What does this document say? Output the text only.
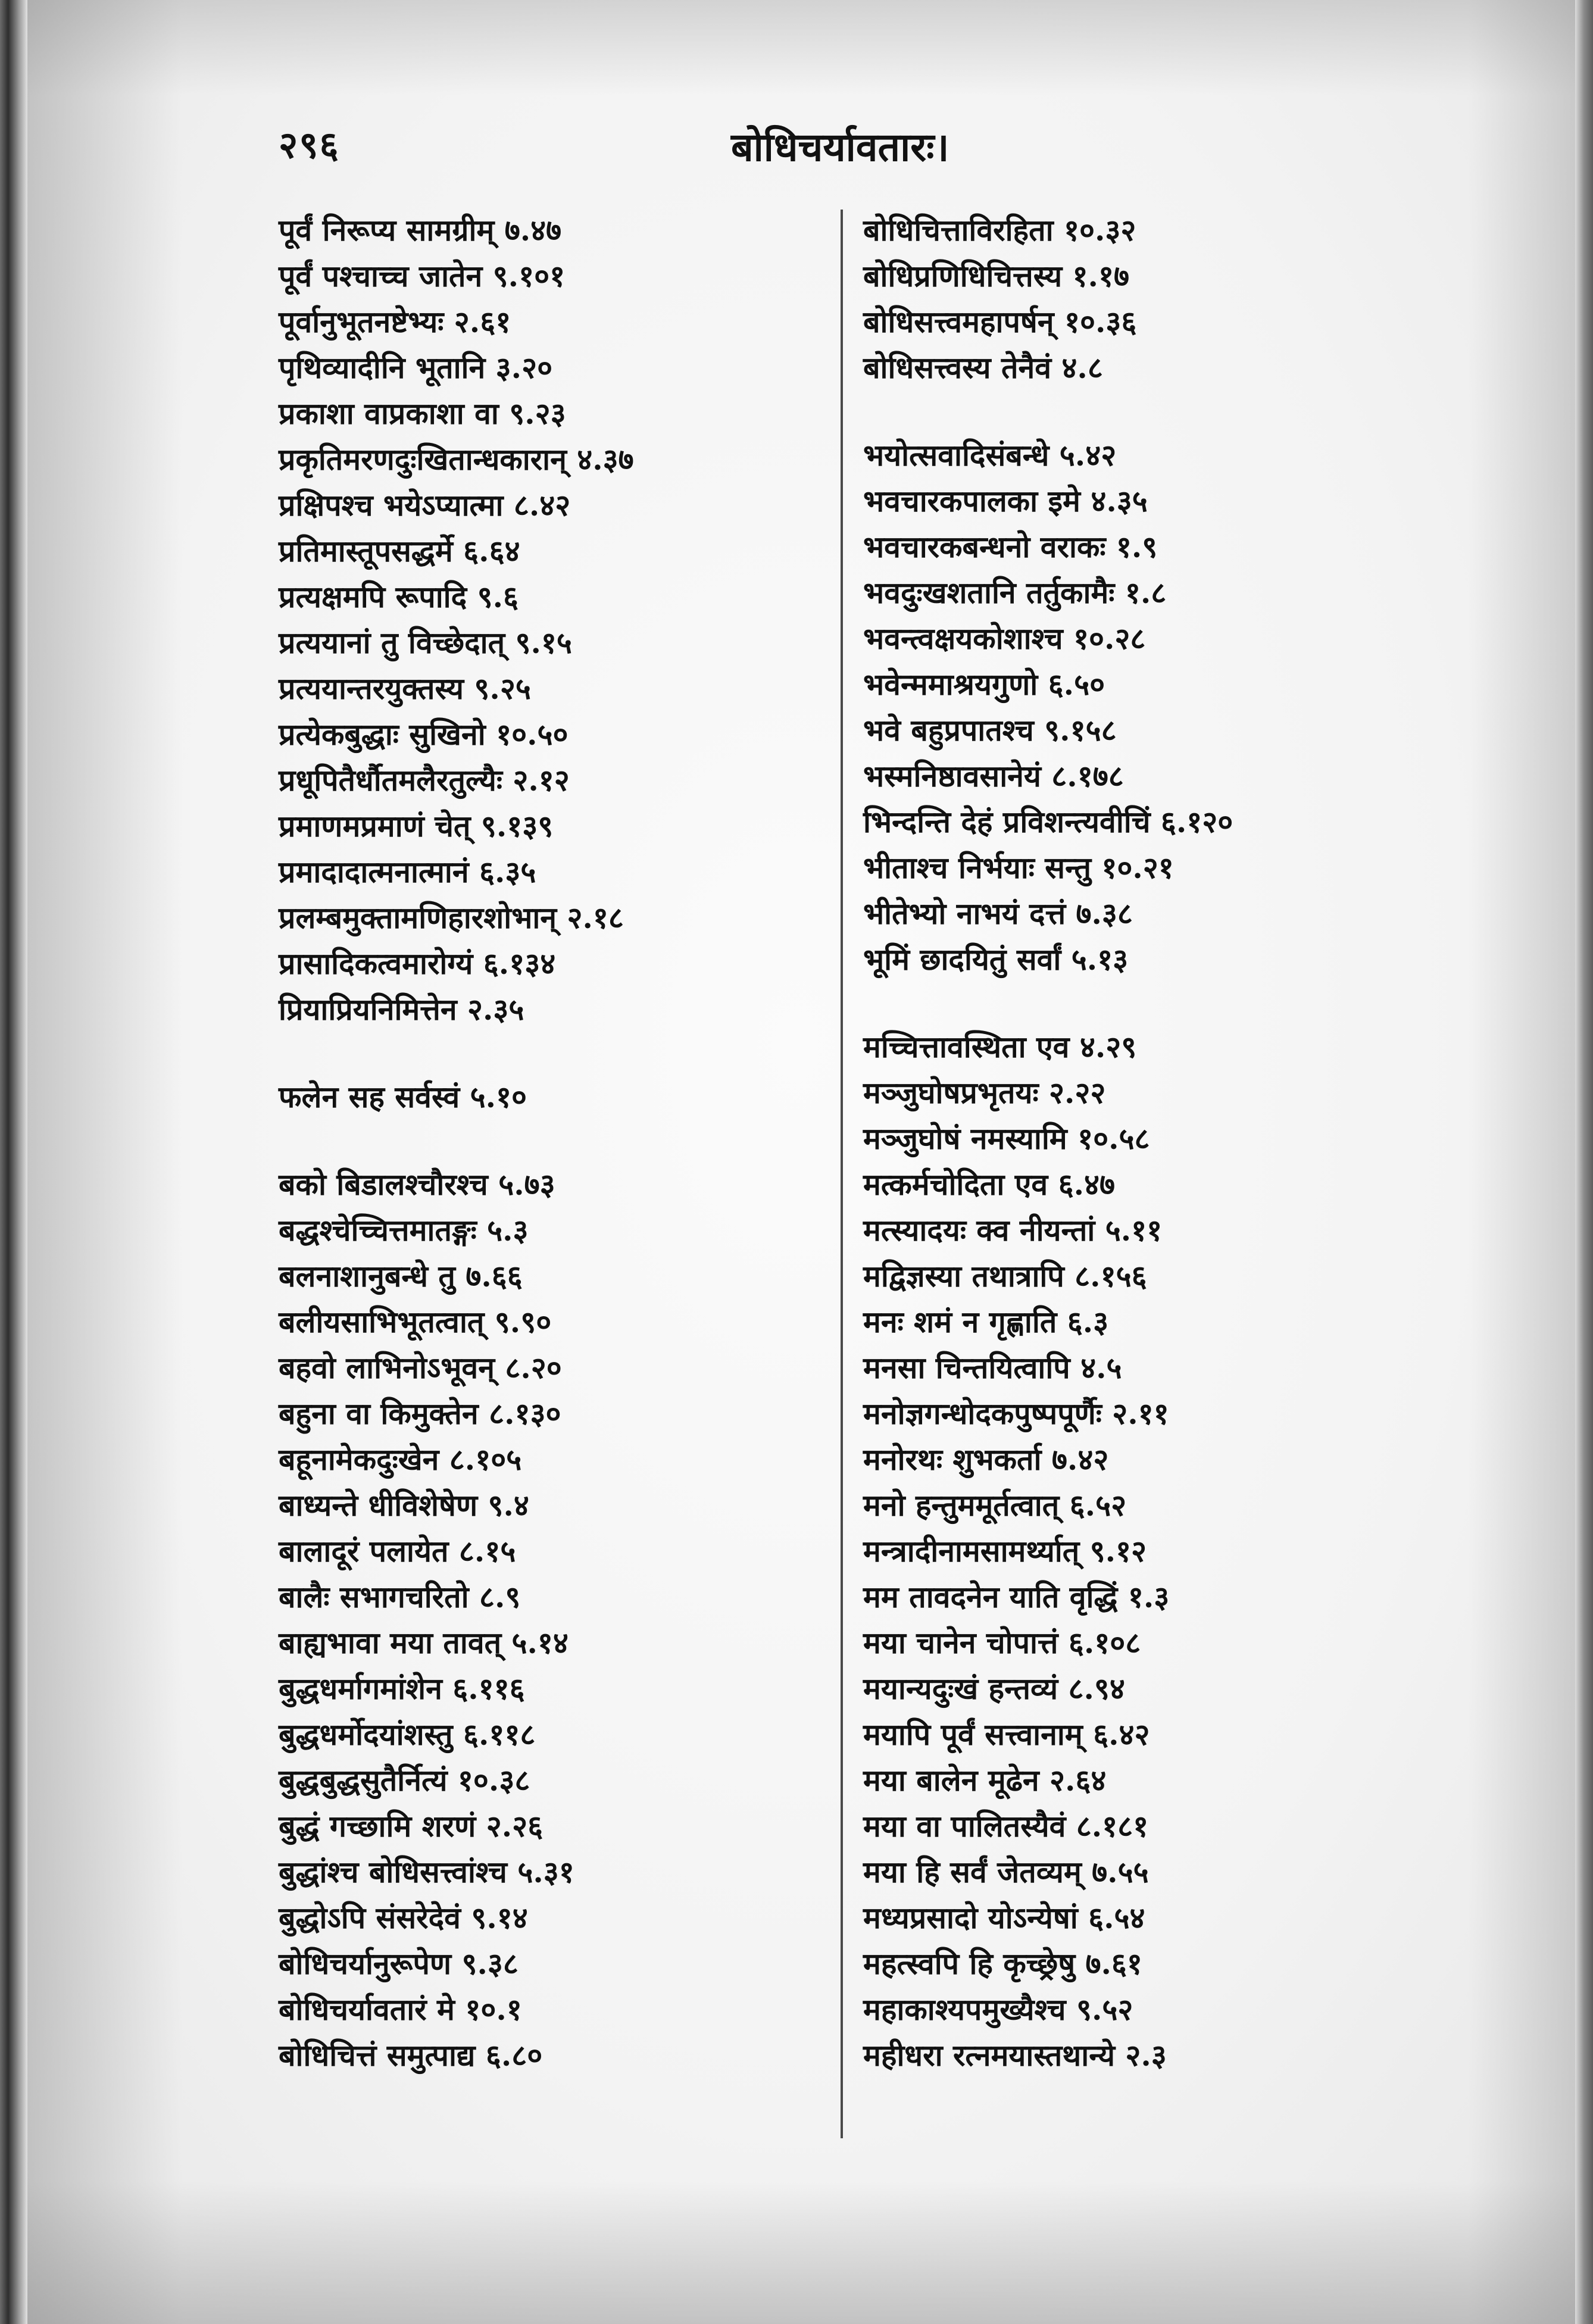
२९६	बोधिचर्यावतारः।
पूर्वं निरूप्य सामग्रीम् ७.४७
पूर्वं पश्चाच्च जातेन ९.१०१
पूर्वानुभूतनष्टेभ्यः २.६१
पृथिव्यादीनि भूतानि ३.२०
प्रकाशा वाप्रकाशा वा ९.२३
प्रकृतिमरणदुःखितान्धकारान् ४.३७
प्रक्षिपश्च भयेऽप्यात्मा ८.४२
प्रतिमास्तूपसद्धर्मे ६.६४
प्रत्यक्षमपि रूपादि ९.६
प्रत्ययानां तु विच्छेदात् ९.१५
प्रत्ययान्तरयुक्तस्य ९.२५
प्रत्येकबुद्धाः सुखिनो १०.५०
प्रधूपितैर्धौतमलैरतुल्यैः २.१२
प्रमाणमप्रमाणं चेत् ९.१३९
प्रमादादात्मनात्मानं ६.३५
प्रलम्बमुक्तामणिहारशोभान् २.१८
प्रासादिकत्वमारोग्यं ६.१३४
प्रियाप्रियनिमित्तेन २.३५
फलेन सह सर्वस्वं ५.१०
बको बिडालश्चौरश्च ५.७३
बद्धश्चेच्चित्तमातङ्गः ५.३
बलनाशानुबन्धे तु ७.६६
बलीयसाभिभूतत्वात् ९.९०
बहवो लाभिनोऽभूवन् ८.२०
बहुना वा किमुक्तेन ८.१३०
बहूनामेकदुःखेन ८.१०५
बाध्यन्ते धीविशेषेण ९.४
बालादूरं पलायेत ८.१५
बालैः सभागचरितो ८.९
बाह्यभावा मया तावत् ५.१४
बुद्धधर्मागमांशेन ६.११६
बुद्धधर्मोदयांशस्तु ६.११८
बुद्धबुद्धसुतैर्नित्यं १०.३८
बुद्धं गच्छामि शरणं २.२६
बुद्धांश्च बोधिसत्त्वांश्च ५.३१
बुद्धोऽपि संसरेदेवं ९.१४
बोधिचर्यानुरूपेण ९.३८
बोधिचर्यावतारं मे १०.१
बोधिचित्तं समुत्पाद्य ६.८०
बोधिचित्ताविरहिता १०.३२
बोधिप्रणिधिचित्तस्य १.१७
बोधिसत्त्वमहापर्षन् १०.३६
बोधिसत्त्वस्य तेनैवं ४.८
भयोत्सवादिसंबन्धे ५.४२
भवचारकपालका इमे ४.३५
भवचारकबन्धनो वराकः १.९
भवदुःखशतानि तर्तुकामैः १.८
भवन्त्वक्षयकोशाश्च १०.२८
भवेन्ममाश्रयगुणो ६.५०
भवे बहुप्रपातश्च ९.१५८
भस्मनिष्ठावसानेयं ८.१७८
भिन्दन्ति देहं प्रविशन्त्यवीचिं ६.१२०
भीताश्च निर्भयाः सन्तु १०.२१
भीतेभ्यो नाभयं दत्तं ७.३८
भूमिं छादयितुं सर्वां ५.१३
मच्चित्तावस्थिता एव ४.२९
मञ्जुघोषप्रभृतयः २.२२
मञ्जुघोषं नमस्यामि १०.५८
मत्कर्मचोदिता एव ६.४७
मत्स्यादयः क्व नीयन्तां ५.११
मद्विज्ञस्या तथात्रापि ८.१५६
मनः शमं न गृह्णाति ६.३
मनसा चिन्तयित्वापि ४.५
मनोज्ञगन्धोदकपुष्पपूर्णैः २.११
मनोरथः शुभकर्ता ७.४२
मनो हन्तुममूर्तत्वात् ६.५२
मन्त्रादीनामसामर्थ्यात् ९.१२
मम तावदनेन याति वृद्धिं १.३
मया चानेन चोपात्तं ६.१०८
मयान्यदुःखं हन्तव्यं ८.९४
मयापि पूर्वं सत्त्वानाम् ६.४२
मया बालेन मूढेन २.६४
मया वा पालितस्यैवं ८.१८१
मया हि सर्वं जेतव्यम् ७.५५
मध्यप्रसादो योऽन्येषां ६.५४
महत्स्वपि हि कृच्छ्रेषु ७.६१
महाकाश्यपमुख्यैश्च ९.५२
महीधरा रत्नमयास्तथान्ये २.३
